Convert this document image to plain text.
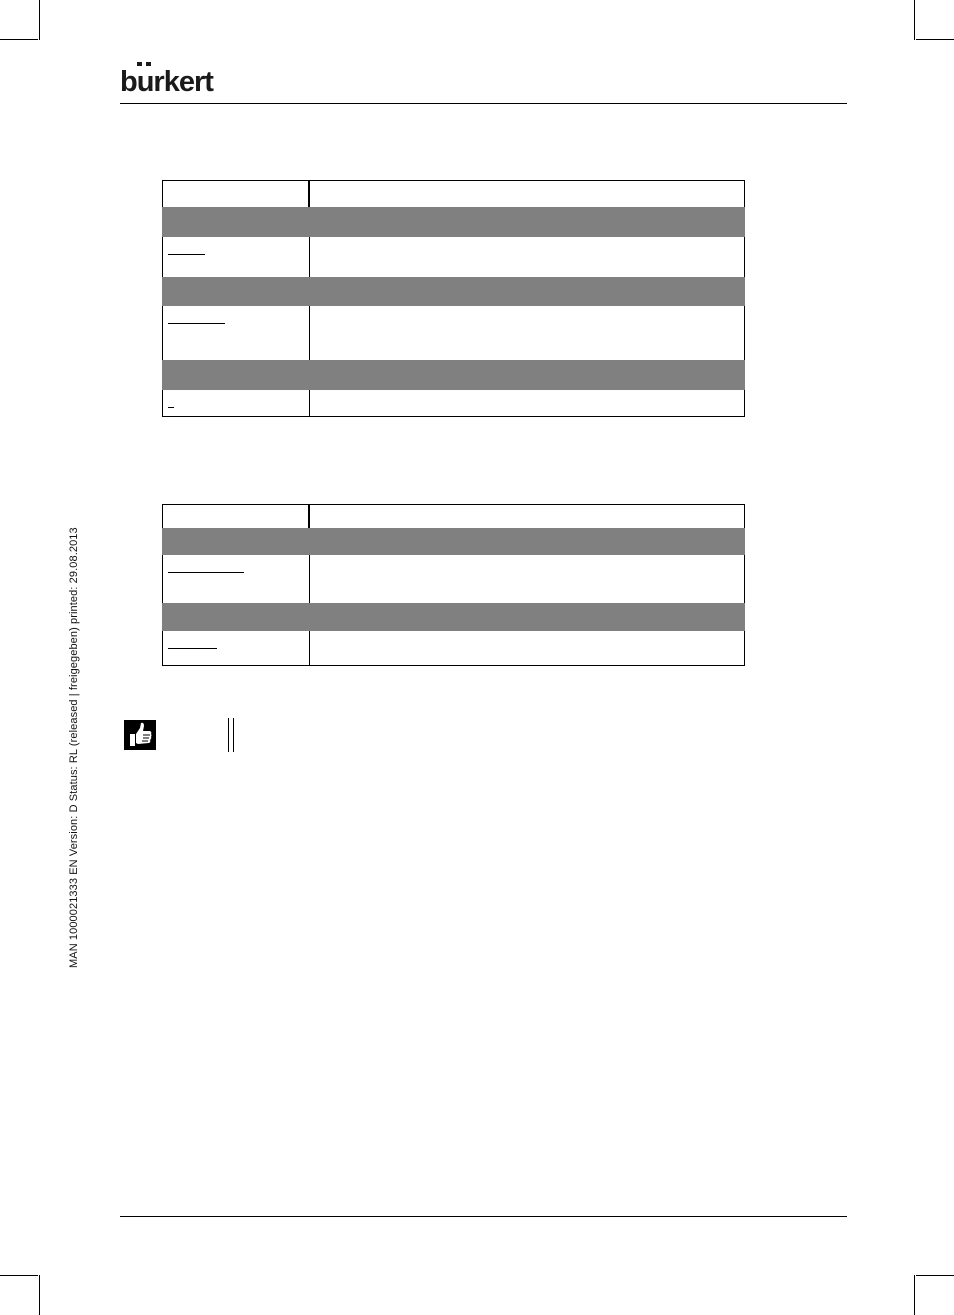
burkert
MAN 1000021333 EN Version: D Status: RL (released | freigegeben) printed: 29.08.2013
